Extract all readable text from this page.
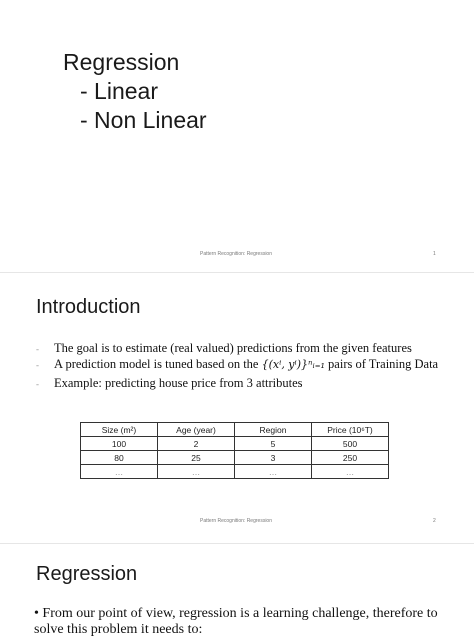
Regression
- Linear
- Non Linear
Pattern Recognition: Regression	1
Introduction
- The goal is to estimate (real valued) predictions from the given features
- A prediction model is tuned based on the {(xⁱ, yⁱ)}ⁿᵢ₌₁ pairs of Training Data
- Example: predicting house price from 3 attributes
Size (m²)	Age (year)	Region	Price (10⁶T)
100	2	5	500
80	25	3	250
…	…	…	…
Pattern Recognition: Regression	2
Regression
• From our point of view, regression is a learning challenge, therefore to solve this problem it needs to:
